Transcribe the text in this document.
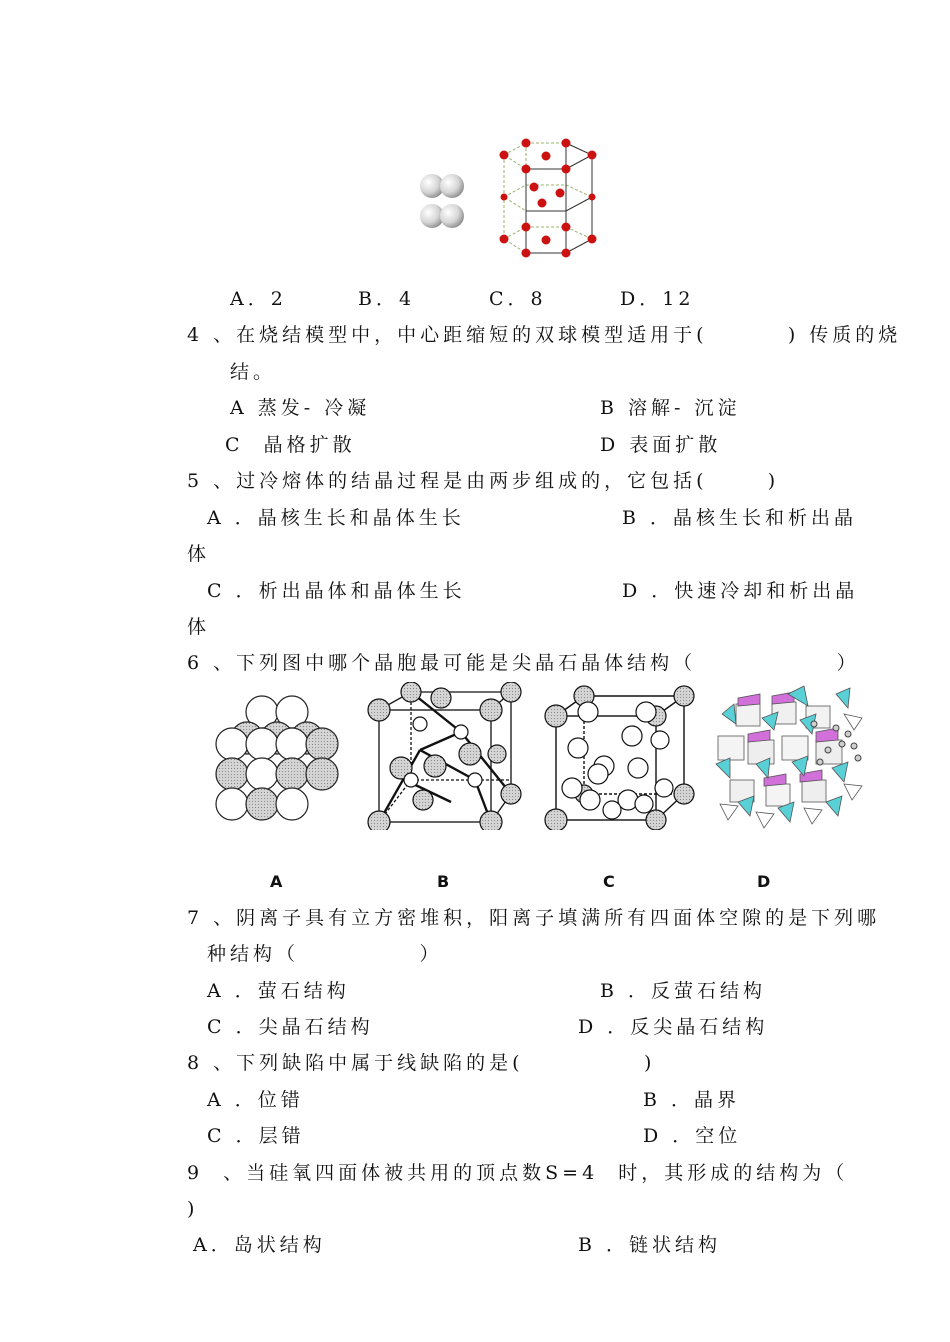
A．2	B．4	C．8	D．12
4 、在烧结模型中，中心距缩短的双球模型适用于(        ) 传质的烧
结。
A 蒸发- 冷凝	B 溶解- 沉淀
C  晶格扩散	D 表面扩散
5 、过冷熔体的结晶过程是由两步组成的，它包括(      )
A ．晶核生长和晶体生长	B ．晶核生长和析出晶
体
C ．析出晶体和晶体生长	D ．快速冷却和析出晶
体
6 、下列图中哪个晶胞最可能是尖晶石晶体结构（              ）
A	B	C	D
7 、阴离子具有立方密堆积，阳离子填满所有四面体空隙的是下列哪
种结构（            ）
A ．萤石结构	B ．反萤石结构
C ．尖晶石结构	D ．反尖晶石结构
8 、下列缺陷中属于线缺陷的是(            )
A ．位错	B ．晶界
C ．层错	D ．空位
9  、当硅氧四面体被共用的顶点数S=4  时，其形成的结构为（
)
A．岛状结构	B ．链状结构
